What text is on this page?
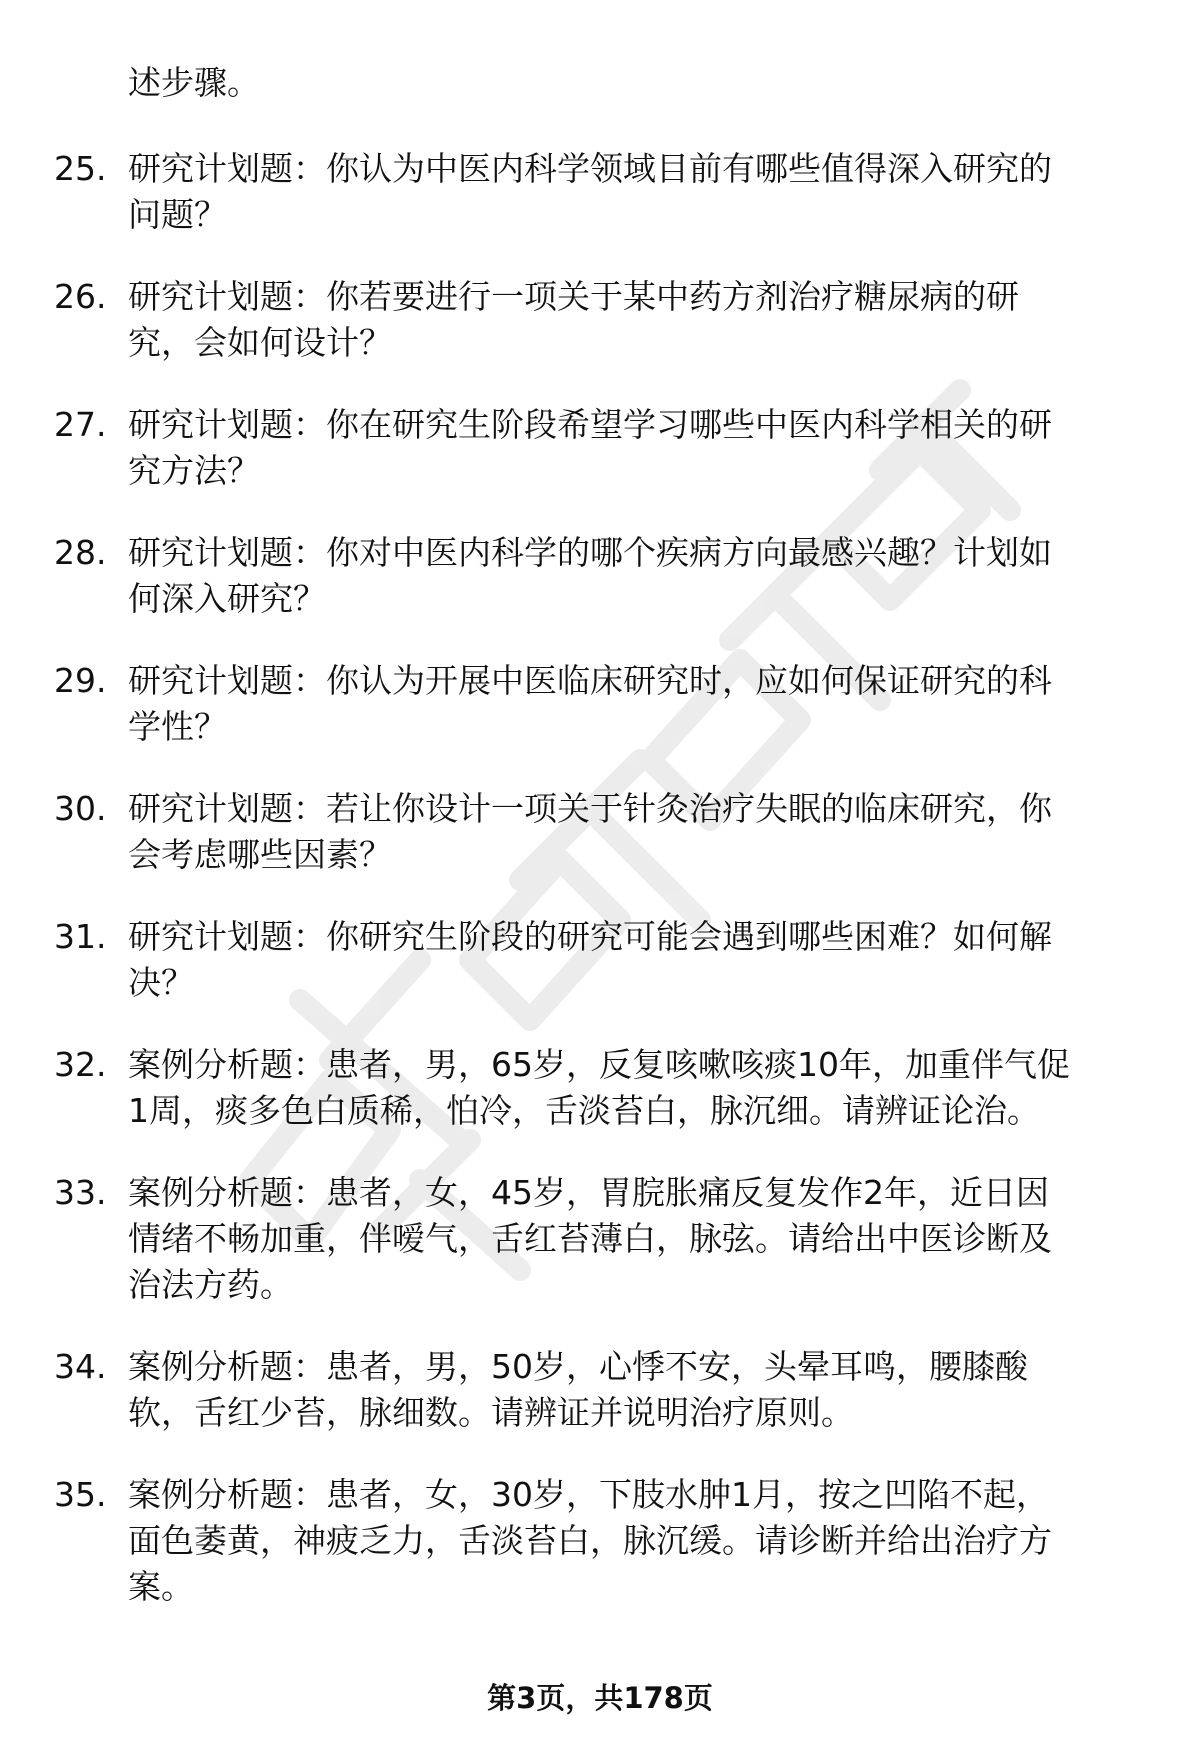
述步骤。
25. 研究计划题：你认为中医内科学领域目前有哪些值得深入研究的
问题？
26. 研究计划题：你若要进行一项关于某中药方剂治疗糖尿病的研
究，会如何设计？
27. 研究计划题：你在研究生阶段希望学习哪些中医内科学相关的研
究方法？
28. 研究计划题：你对中医内科学的哪个疾病方向最感兴趣？计划如
何深入研究？
29. 研究计划题：你认为开展中医临床研究时，应如何保证研究的科
学性？
30. 研究计划题：若让你设计一项关于针灸治疗失眠的临床研究，你
会考虑哪些因素？
31. 研究计划题：你研究生阶段的研究可能会遇到哪些困难？如何解
决？
32. 案例分析题：患者，男，65岁，反复咳嗽咳痰10年，加重伴气促
1周，痰多色白质稀，怕冷，舌淡苔白，脉沉细。请辨证论治。
33. 案例分析题：患者，女，45岁，胃脘胀痛反复发作2年，近日因
情绪不畅加重，伴嗳气，舌红苔薄白，脉弦。请给出中医诊断及
治法方药。
34. 案例分析题：患者，男，50岁，心悸不安，头晕耳鸣，腰膝酸
软，舌红少苔，脉细数。请辨证并说明治疗原则。
35. 案例分析题：患者，女，30岁，下肢水肿1月，按之凹陷不起，
面色萎黄，神疲乏力，舌淡苔白，脉沉缓。请诊断并给出治疗方
案。
第3页，共178页
